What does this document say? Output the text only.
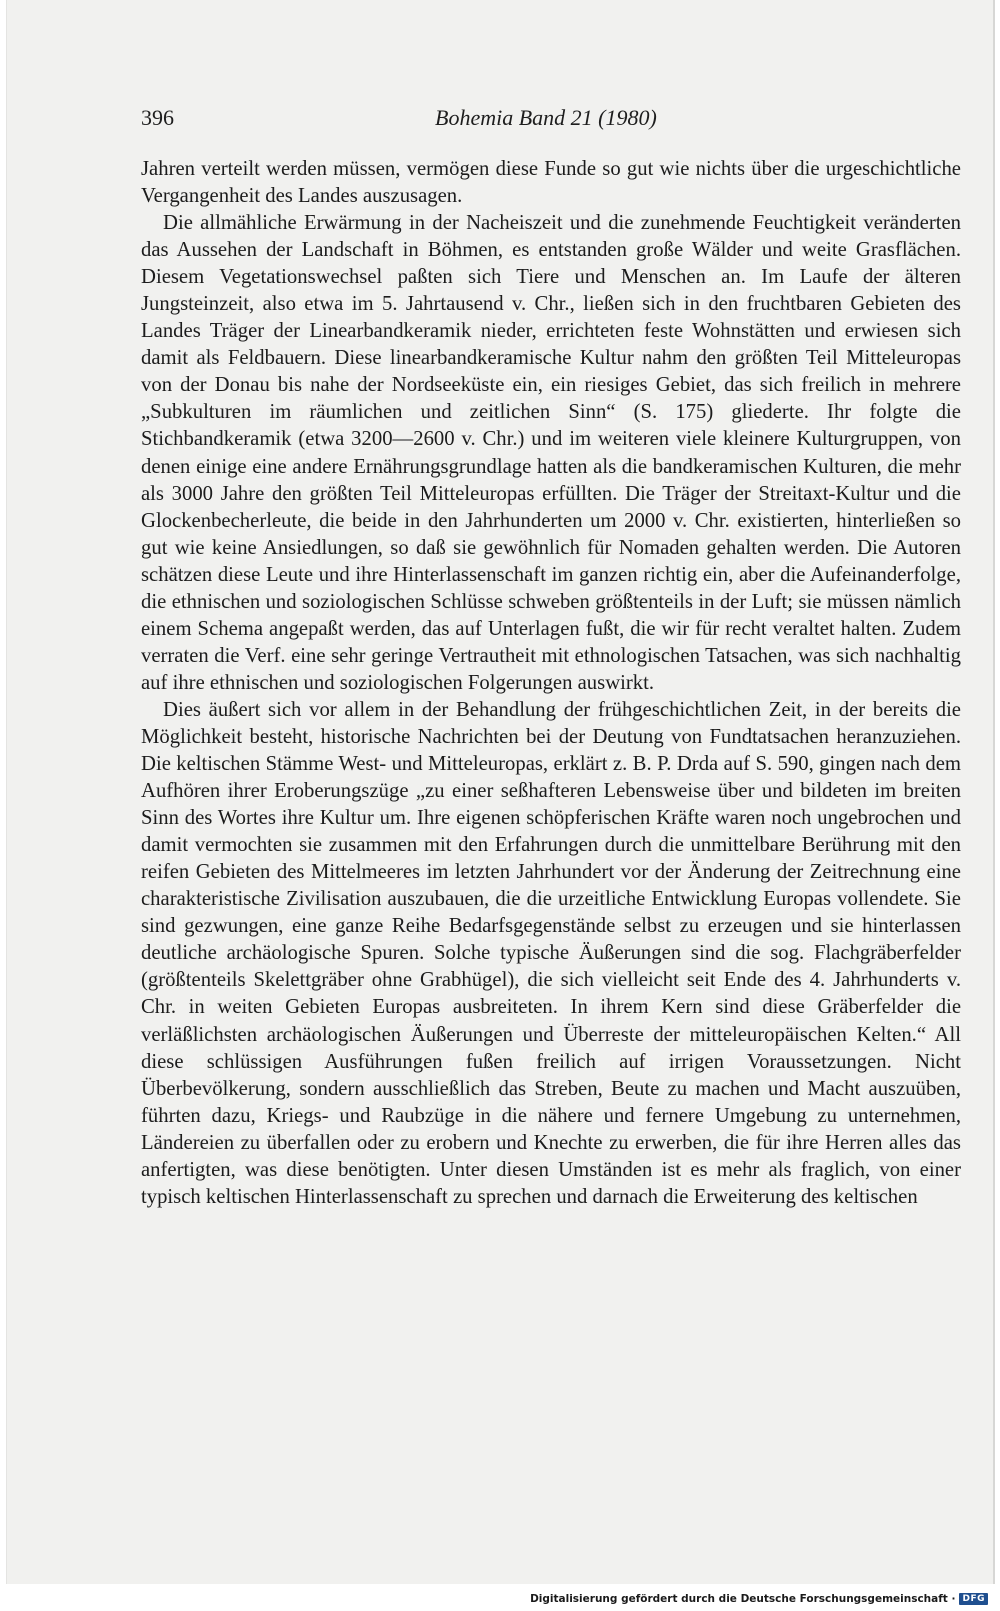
396	Bohemia Band 21 (1980)

Jahren verteilt werden müssen, vermögen diese Funde so gut wie nichts über die urgeschichtliche Vergangenheit des Landes auszusagen.

Die allmähliche Erwärmung in der Nacheiszeit und die zunehmende Feuchtigkeit veränderten das Aussehen der Landschaft in Böhmen, es entstanden große Wälder und weite Grasflächen. Diesem Vegetationswechsel paßten sich Tiere und Menschen an. Im Laufe der älteren Jungsteinzeit, also etwa im 5. Jahrtausend v. Chr., ließen sich in den fruchtbaren Gebieten des Landes Träger der Linearbandkeramik nieder, errichteten feste Wohnstätten und erwiesen sich damit als Feldbauern. Diese linearbandkeramische Kultur nahm den größten Teil Mitteleuropas von der Donau bis nahe der Nordseeküste ein, ein riesiges Gebiet, das sich freilich in mehrere „Subkulturen im räumlichen und zeitlichen Sinn“ (S. 175) gliederte. Ihr folgte die Stichbandkeramik (etwa 3200—2600 v. Chr.) und im weiteren viele kleinere Kulturgruppen, von denen einige eine andere Ernährungsgrundlage hatten als die bandkeramischen Kulturen, die mehr als 3000 Jahre den größten Teil Mitteleuropas erfüllten. Die Träger der Streitaxt-Kultur und die Glockenbecherleute, die beide in den Jahrhunderten um 2000 v. Chr. existierten, hinterließen so gut wie keine Ansiedlungen, so daß sie gewöhnlich für Nomaden gehalten werden. Die Autoren schätzen diese Leute und ihre Hinterlassenschaft im ganzen richtig ein, aber die Aufeinanderfolge, die ethnischen und soziologischen Schlüsse schweben größtenteils in der Luft; sie müssen nämlich einem Schema angepaßt werden, das auf Unterlagen fußt, die wir für recht veraltet halten. Zudem verraten die Verf. eine sehr geringe Vertrautheit mit ethnologischen Tatsachen, was sich nachhaltig auf ihre ethnischen und soziologischen Folgerungen auswirkt.

Dies äußert sich vor allem in der Behandlung der frühgeschichtlichen Zeit, in der bereits die Möglichkeit besteht, historische Nachrichten bei der Deutung von Fundtatsachen heranzuziehen. Die keltischen Stämme West- und Mitteleuropas, erklärt z. B. P. Drda auf S. 590, gingen nach dem Aufhören ihrer Eroberungszüge „zu einer seßhafteren Lebensweise über und bildeten im breiten Sinn des Wortes ihre Kultur um. Ihre eigenen schöpferischen Kräfte waren noch ungebrochen und damit vermochten sie zusammen mit den Erfahrungen durch die unmittelbare Berührung mit den reifen Gebieten des Mittelmeeres im letzten Jahrhundert vor der Änderung der Zeitrechnung eine charakteristische Zivilisation auszubauen, die die urzeitliche Entwicklung Europas vollendete. Sie sind gezwungen, eine ganze Reihe Bedarfsgegenstände selbst zu erzeugen und sie hinterlassen deutliche archäologische Spuren. Solche typische Äußerungen sind die sog. Flachgräberfelder (größtenteils Skelettgräber ohne Grabhügel), die sich vielleicht seit Ende des 4. Jahrhunderts v. Chr. in weiten Gebieten Europas ausbreiteten. In ihrem Kern sind diese Gräberfelder die verläßlichsten archäologischen Äußerungen und Überreste der mitteleuropäischen Kelten.“ All diese schlüssigen Ausführungen fußen freilich auf irrigen Voraussetzungen. Nicht Überbevölkerung, sondern ausschließlich das Streben, Beute zu machen und Macht auszuüben, führten dazu, Kriegs- und Raubzüge in die nähere und fernere Umgebung zu unternehmen, Ländereien zu überfallen oder zu erobern und Knechte zu erwerben, die für ihre Herren alles das anfertigten, was diese benötigten. Unter diesen Umständen ist es mehr als fraglich, von einer typisch keltischen Hinterlassenschaft zu sprechen und darnach die Erweiterung des keltischen

Digitalisierung gefördert durch die Deutsche Forschungsgemeinschaft · DFG
